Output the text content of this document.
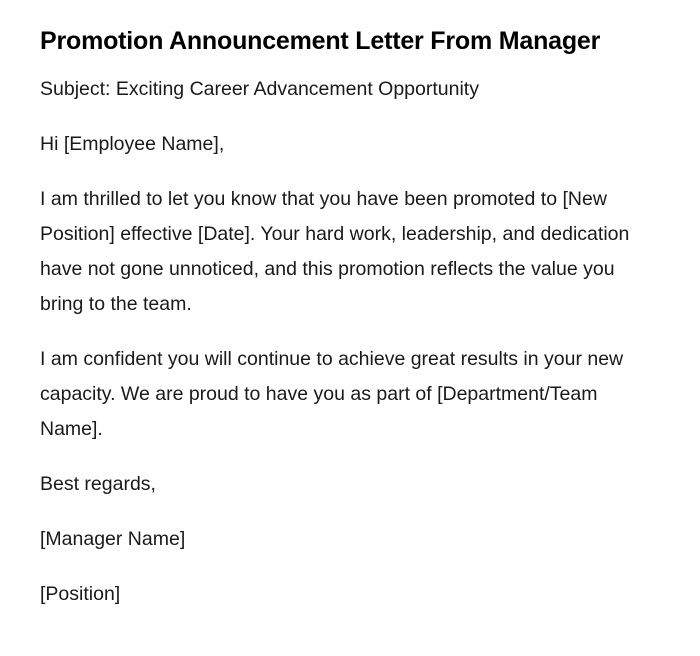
Promotion Announcement Letter From Manager

Subject: Exciting Career Advancement Opportunity

Hi [Employee Name],

I am thrilled to let you know that you have been promoted to [New Position] effective [Date]. Your hard work, leadership, and dedication have not gone unnoticed, and this promotion reflects the value you bring to the team.

I am confident you will continue to achieve great results in your new capacity. We are proud to have you as part of [Department/Team Name].

Best regards,

[Manager Name]

[Position]
